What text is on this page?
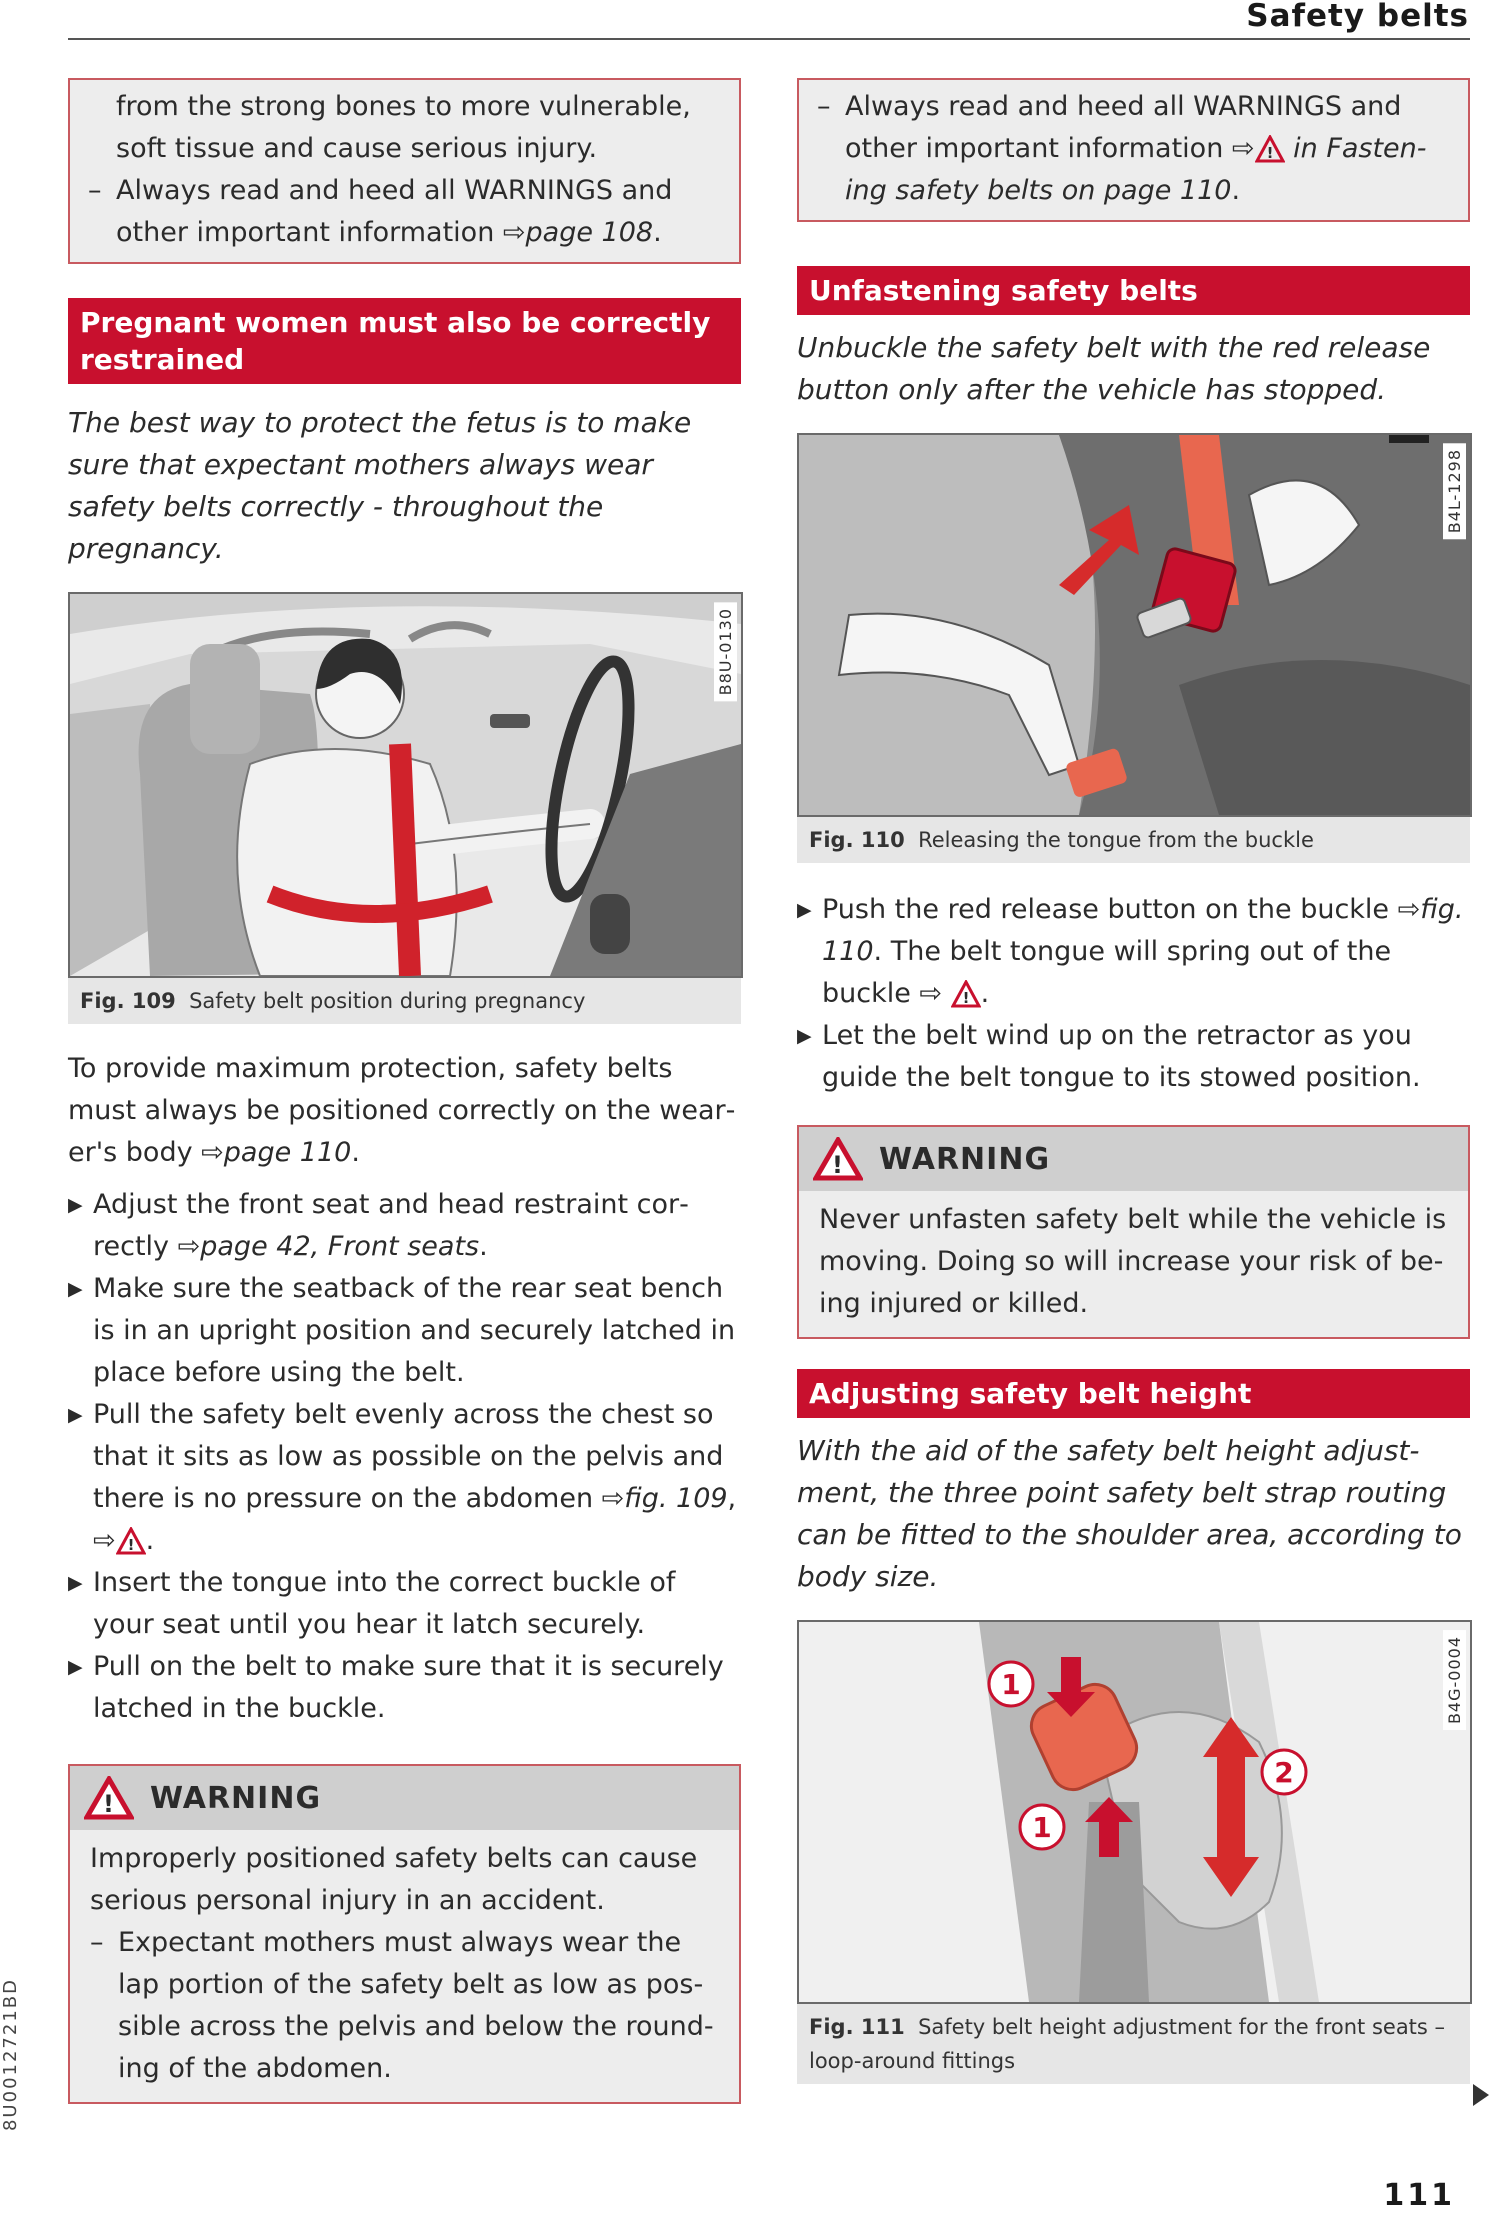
Safety belts
from the strong bones to more vulnerable,
soft tissue and cause serious injury.
– Always read and heed all WARNINGS and other important information ⇨page 108.
Pregnant women must also be correctly
restrained
The best way to protect the fetus is to make sure that expectant mothers always wear safety belts correctly - throughout the pregnancy.
B8U-0130
Fig. 109 Safety belt position during pregnancy
To provide maximum protection, safety belts must always be positioned correctly on the wearer's body ⇨page 110.
▶ Adjust the front seat and head restraint correctly ⇨page 42, Front seats.
▶ Make sure the seatback of the rear seat bench is in an upright position and securely latched in place before using the belt.
▶ Pull the safety belt evenly across the chest so that it sits as low as possible on the pelvis and there is no pressure on the abdomen ⇨fig. 109, ⇨ ! .
▶ Insert the tongue into the correct buckle of your seat until you hear it latch securely.
▶ Pull on the belt to make sure that it is securely latched in the buckle.
! WARNING
Improperly positioned safety belts can cause serious personal injury in an accident.
– Expectant mothers must always wear the lap portion of the safety belt as low as possible across the pelvis and below the rounding of the abdomen.
– Always read and heed all WARNINGS and other important information ⇨ ! in Fastening safety belts on page 110.
Unfastening safety belts
Unbuckle the safety belt with the red release button only after the vehicle has stopped.
B4L-1298
Fig. 110 Releasing the tongue from the buckle
▶ Push the red release button on the buckle ⇨fig. 110. The belt tongue will spring out of the buckle ⇨ ! .
▶ Let the belt wind up on the retractor as you guide the belt tongue to its stowed position.
! WARNING
Never unfasten safety belt while the vehicle is moving. Doing so will increase your risk of being injured or killed.
Adjusting safety belt height
With the aid of the safety belt height adjustment, the three point safety belt strap routing can be fitted to the shoulder area, according to body size.
1
1
2
B4G-0004
Fig. 111 Safety belt height adjustment for the front seats – loop-around fittings
8U0012721BD
111
